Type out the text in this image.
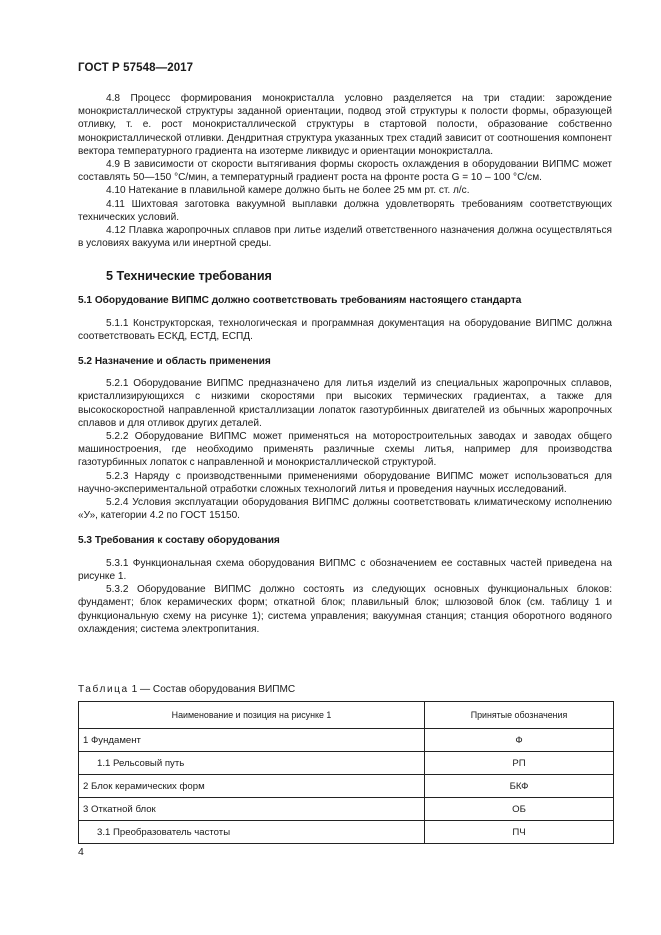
ГОСТ Р 57548—2017

4.8 Процесс формирования монокристалла условно разделяется на три стадии: зарождение монокристаллической структуры заданной ориентации, подвод этой структуры к полости формы, образующей отливку, т. е. рост монокристаллической структуры в стартовой полости, образование собственно монокристаллической отливки. Дендритная структура указанных трех стадий зависит от соотношения компонент вектора температурного градиента на изотерме ликвидус и ориентации монокристалла.

4.9 В зависимости от скорости вытягивания формы скорость охлаждения в оборудовании ВИПМС может составлять 50—150 °С/мин, а температурный градиент роста на фронте роста G = 10 – 100 °С/см.

4.10 Натекание в плавильной камере должно быть не более 25 мм рт. ст. л/с.

4.11 Шихтовая заготовка вакуумной выплавки должна удовлетворять требованиям соответствующих технических условий.

4.12 Плавка жаропрочных сплавов при литье изделий ответственного назначения должна осуществляться в условиях вакуума или инертной среды.

5 Технические требования

5.1 Оборудование ВИПМС должно соответствовать требованиям настоящего стандарта

5.1.1 Конструкторская, технологическая и программная документация на оборудование ВИПМС должна соответствовать ЕСКД, ЕСТД, ЕСПД.

5.2 Назначение и область применения

5.2.1 Оборудование ВИПМС предназначено для литья изделий из специальных жаропрочных сплавов, кристаллизирующихся с низкими скоростями при высоких термических градиентах, а также для высокоскоростной направленной кристаллизации лопаток газотурбинных двигателей из обычных жаропрочных сплавов и для отливок других деталей.

5.2.2 Оборудование ВИПМС может применяться на моторостроительных заводах и заводах общего машиностроения, где необходимо применять различные схемы литья, например для производства газотурбинных лопаток с направленной и монокристаллической структурой.

5.2.3 Наряду с производственными применениями оборудование ВИПМС может использоваться для научно-экспериментальной отработки сложных технологий литья и проведения научных исследований.

5.2.4 Условия эксплуатации оборудования ВИПМС должны соответствовать климатическому исполнению «У», категории 4.2 по ГОСТ 15150.

5.3 Требования к составу оборудования

5.3.1 Функциональная схема оборудования ВИПМС с обозначением ее составных частей приведена на рисунке 1.

5.3.2 Оборудование ВИПМС должно состоять из следующих основных функциональных блоков: фундамент; блок керамических форм; откатной блок; плавильный блок; шлюзовой блок (см. таблицу 1 и функциональную схему на рисунке 1); система управления; вакуумная станция; станция оборотного водяного охлаждения; система электропитания.

Таблица 1 — Состав оборудования ВИПМС
Наименование и позиция на рисунке 1	Принятые обозначения
1 Фундамент	Ф
1.1 Рельсовый путь	РП
2 Блок керамических форм	БКФ
3 Откатной блок	ОБ
3.1 Преобразователь частоты	ПЧ
4
